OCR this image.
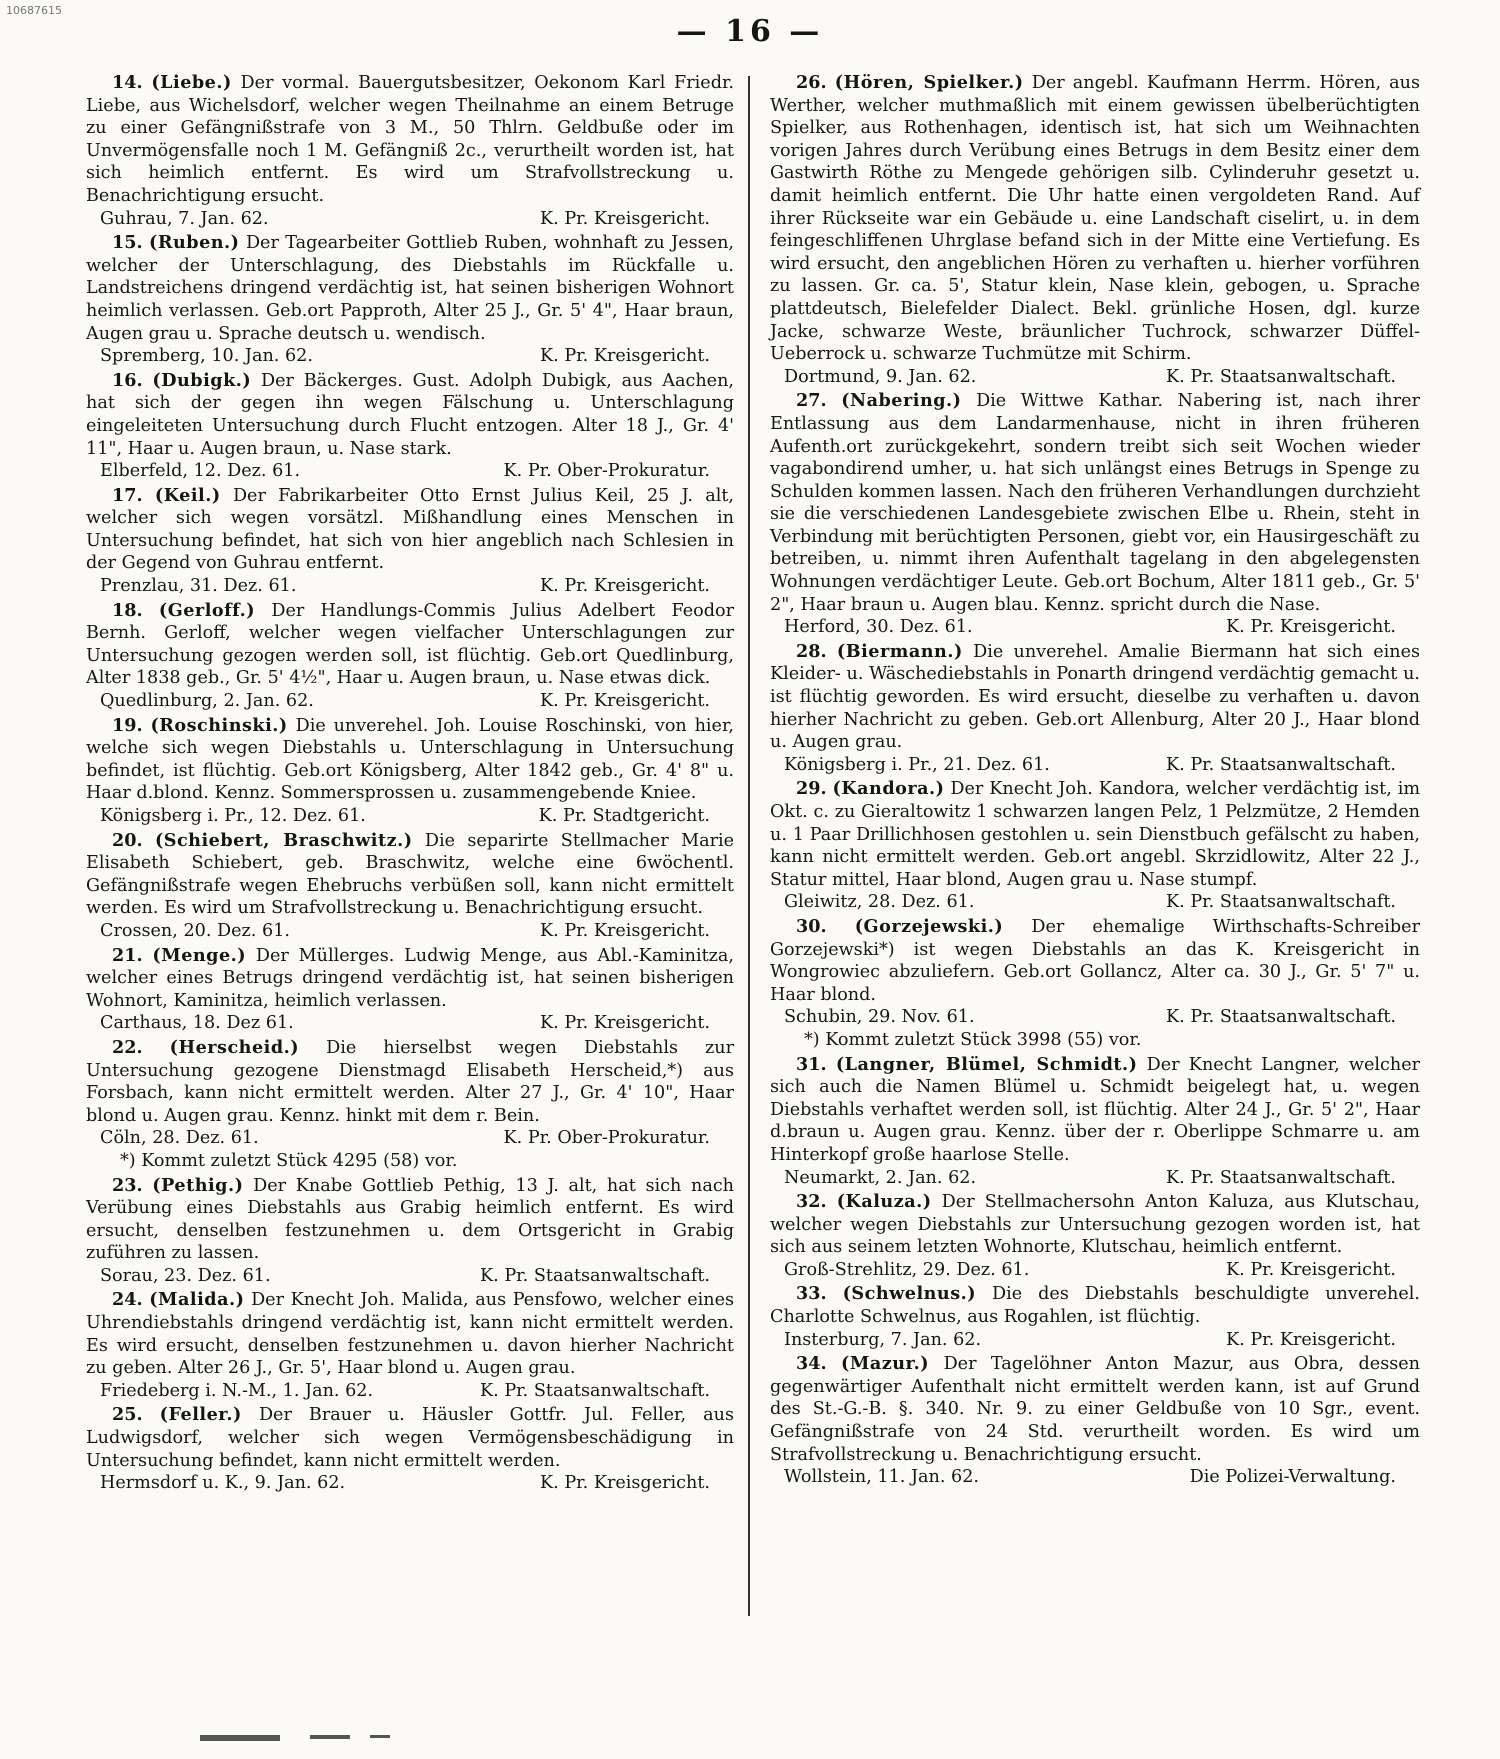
10687615
— 16 —

14. (Liebe.) Der vormal. Bauergutsbesitzer, Oekonom Karl Friedr. Liebe, aus Wichelsdorf, welcher wegen Theilnahme an einem Betruge zu einer Gefängnißstrafe von 3 M., 50 Thlrn. Geldbuße oder im Unvermögensfalle noch 1 M. Gefängniß 2c., verurtheilt worden ist, hat sich heimlich entfernt. Es wird um Strafvollstreckung u. Benachrichtigung ersucht.

Guhrau, 7. Jan. 62.	K. Pr. Kreisgericht.

15. (Ruben.) Der Tagearbeiter Gottlieb Ruben, wohnhaft zu Jessen, welcher der Unterschlagung, des Diebstahls im Rückfalle u. Landstreichens dringend verdächtig ist, hat seinen bisherigen Wohnort heimlich verlassen. Geb.ort Papproth, Alter 25 J., Gr. 5' 4", Haar braun, Augen grau u. Sprache deutsch u. wendisch.

Spremberg, 10. Jan. 62.	K. Pr. Kreisgericht.

16. (Dubigk.) Der Bäckerges. Gust. Adolph Dubigk, aus Aachen, hat sich der gegen ihn wegen Fälschung u. Unterschlagung eingeleiteten Untersuchung durch Flucht entzogen. Alter 18 J., Gr. 4' 11", Haar u. Augen braun, u. Nase stark.

Elberfeld, 12. Dez. 61.	K. Pr. Ober-Prokuratur.

17. (Keil.) Der Fabrikarbeiter Otto Ernst Julius Keil, 25 J. alt, welcher sich wegen vorsätzl. Mißhandlung eines Menschen in Untersuchung befindet, hat sich von hier angeblich nach Schlesien in der Gegend von Guhrau entfernt.

Prenzlau, 31. Dez. 61.	K. Pr. Kreisgericht.

18. (Gerloff.) Der Handlungs-Commis Julius Adelbert Feodor Bernh. Gerloff, welcher wegen vielfacher Unterschlagungen zur Untersuchung gezogen werden soll, ist flüchtig. Geb.ort Quedlinburg, Alter 1838 geb., Gr. 5' 4½", Haar u. Augen braun, u. Nase etwas dick.

Quedlinburg, 2. Jan. 62.	K. Pr. Kreisgericht.

19. (Roschinski.) Die unverehel. Joh. Louise Roschinski, von hier, welche sich wegen Diebstahls u. Unterschlagung in Untersuchung befindet, ist flüchtig. Geb.ort Königsberg, Alter 1842 geb., Gr. 4' 8" u. Haar d.blond. Kennz. Sommersprossen u. zusammengebende Kniee.

Königsberg i. Pr., 12. Dez. 61.	K. Pr. Stadtgericht.

20. (Schiebert, Braschwitz.) Die separirte Stellmacher Marie Elisabeth Schiebert, geb. Braschwitz, welche eine 6wöchentl. Gefängnißstrafe wegen Ehebruchs verbüßen soll, kann nicht ermittelt werden. Es wird um Strafvollstreckung u. Benachrichtigung ersucht.

Crossen, 20. Dez. 61.	K. Pr. Kreisgericht.

21. (Menge.) Der Müllerges. Ludwig Menge, aus Abl.-Kaminitza, welcher eines Betrugs dringend verdächtig ist, hat seinen bisherigen Wohnort, Kaminitza, heimlich verlassen.

Carthaus, 18. Dez 61.	K. Pr. Kreisgericht.

22. (Herscheid.) Die hierselbst wegen Diebstahls zur Untersuchung gezogene Dienstmagd Elisabeth Herscheid,*) aus Forsbach, kann nicht ermittelt werden. Alter 27 J., Gr. 4' 10", Haar blond u. Augen grau. Kennz. hinkt mit dem r. Bein.

Cöln, 28. Dez. 61.	K. Pr. Ober-Prokuratur.
*) Kommt zuletzt Stück 4295 (58) vor.

23. (Pethig.) Der Knabe Gottlieb Pethig, 13 J. alt, hat sich nach Verübung eines Diebstahls aus Grabig heimlich entfernt. Es wird ersucht, denselben festzunehmen u. dem Ortsgericht in Grabig zuführen zu lassen.

Sorau, 23. Dez. 61.	K. Pr. Staatsanwaltschaft.

24. (Malida.) Der Knecht Joh. Malida, aus Pensfowo, welcher eines Uhrendiebstahls dringend verdächtig ist, kann nicht ermittelt werden. Es wird ersucht, denselben festzunehmen u. davon hierher Nachricht zu geben. Alter 26 J., Gr. 5', Haar blond u. Augen grau.

Friedeberg i. N.-M., 1. Jan. 62.	K. Pr. Staatsanwaltschaft.

25. (Feller.) Der Brauer u. Häusler Gottfr. Jul. Feller, aus Ludwigsdorf, welcher sich wegen Vermögensbeschädigung in Untersuchung befindet, kann nicht ermittelt werden.

Hermsdorf u. K., 9. Jan. 62.	K. Pr. Kreisgericht.

26. (Hören, Spielker.) Der angebl. Kaufmann Herrm. Hören, aus Werther, welcher muthmaßlich mit einem gewissen übelberüchtigten Spielker, aus Rothenhagen, identisch ist, hat sich um Weihnachten vorigen Jahres durch Verübung eines Betrugs in dem Besitz einer dem Gastwirth Röthe zu Mengede gehörigen silb. Cylinderuhr gesetzt u. damit heimlich entfernt. Die Uhr hatte einen vergoldeten Rand. Auf ihrer Rückseite war ein Gebäude u. eine Landschaft ciselirt, u. in dem feingeschliffenen Uhrglase befand sich in der Mitte eine Vertiefung. Es wird ersucht, den angeblichen Hören zu verhaften u. hierher vorführen zu lassen. Gr. ca. 5', Statur klein, Nase klein, gebogen, u. Sprache plattdeutsch, Bielefelder Dialect. Bekl. grünliche Hosen, dgl. kurze Jacke, schwarze Weste, bräunlicher Tuchrock, schwarzer Düffel-Ueberrock u. schwarze Tuchmütze mit Schirm.

Dortmund, 9. Jan. 62.	K. Pr. Staatsanwaltschaft.

27. (Nabering.) Die Wittwe Kathar. Nabering ist, nach ihrer Entlassung aus dem Landarmenhause, nicht in ihren früheren Aufenth.ort zurückgekehrt, sondern treibt sich seit Wochen wieder vagabondirend umher, u. hat sich unlängst eines Betrugs in Spenge zu Schulden kommen lassen. Nach den früheren Verhandlungen durchzieht sie die verschiedenen Landesgebiete zwischen Elbe u. Rhein, steht in Verbindung mit berüchtigten Personen, giebt vor, ein Hausirgeschäft zu betreiben, u. nimmt ihren Aufenthalt tagelang in den abgelegensten Wohnungen verdächtiger Leute. Geb.ort Bochum, Alter 1811 geb., Gr. 5' 2", Haar braun u. Augen blau. Kennz. spricht durch die Nase.

Herford, 30. Dez. 61.	K. Pr. Kreisgericht.

28. (Biermann.) Die unverehel. Amalie Biermann hat sich eines Kleider- u. Wäschediebstahls in Ponarth dringend verdächtig gemacht u. ist flüchtig geworden. Es wird ersucht, dieselbe zu verhaften u. davon hierher Nachricht zu geben. Geb.ort Allenburg, Alter 20 J., Haar blond u. Augen grau.

Königsberg i. Pr., 21. Dez. 61.	K. Pr. Staatsanwaltschaft.

29. (Kandora.) Der Knecht Joh. Kandora, welcher verdächtig ist, im Okt. c. zu Gieraltowitz 1 schwarzen langen Pelz, 1 Pelzmütze, 2 Hemden u. 1 Paar Drillichhosen gestohlen u. sein Dienstbuch gefälscht zu haben, kann nicht ermittelt werden. Geb.ort angebl. Skrzidlowitz, Alter 22 J., Statur mittel, Haar blond, Augen grau u. Nase stumpf.

Gleiwitz, 28. Dez. 61.	K. Pr. Staatsanwaltschaft.

30. (Gorzejewski.) Der ehemalige Wirthschafts-Schreiber Gorzejewski*) ist wegen Diebstahls an das K. Kreisgericht in Wongrowiec abzuliefern. Geb.ort Gollancz, Alter ca. 30 J., Gr. 5' 7" u. Haar blond.

Schubin, 29. Nov. 61.	K. Pr. Staatsanwaltschaft.
*) Kommt zuletzt Stück 3998 (55) vor.

31. (Langner, Blümel, Schmidt.) Der Knecht Langner, welcher sich auch die Namen Blümel u. Schmidt beigelegt hat, u. wegen Diebstahls verhaftet werden soll, ist flüchtig. Alter 24 J., Gr. 5' 2", Haar d.braun u. Augen grau. Kennz. über der r. Oberlippe Schmarre u. am Hinterkopf große haarlose Stelle.

Neumarkt, 2. Jan. 62.	K. Pr. Staatsanwaltschaft.

32. (Kaluza.) Der Stellmachersohn Anton Kaluza, aus Klutschau, welcher wegen Diebstahls zur Untersuchung gezogen worden ist, hat sich aus seinem letzten Wohnorte, Klutschau, heimlich entfernt.

Groß-Strehlitz, 29. Dez. 61.	K. Pr. Kreisgericht.

33. (Schwelnus.) Die des Diebstahls beschuldigte unverehel. Charlotte Schwelnus, aus Rogahlen, ist flüchtig.

Insterburg, 7. Jan. 62.	K. Pr. Kreisgericht.

34. (Mazur.) Der Tagelöhner Anton Mazur, aus Obra, dessen gegenwärtiger Aufenthalt nicht ermittelt werden kann, ist auf Grund des St.-G.-B. §. 340. Nr. 9. zu einer Geldbuße von 10 Sgr., event. Gefängnißstrafe von 24 Std. verurtheilt worden. Es wird um Strafvollstreckung u. Benachrichtigung ersucht.

Wollstein, 11. Jan. 62.	Die Polizei-Verwaltung.
